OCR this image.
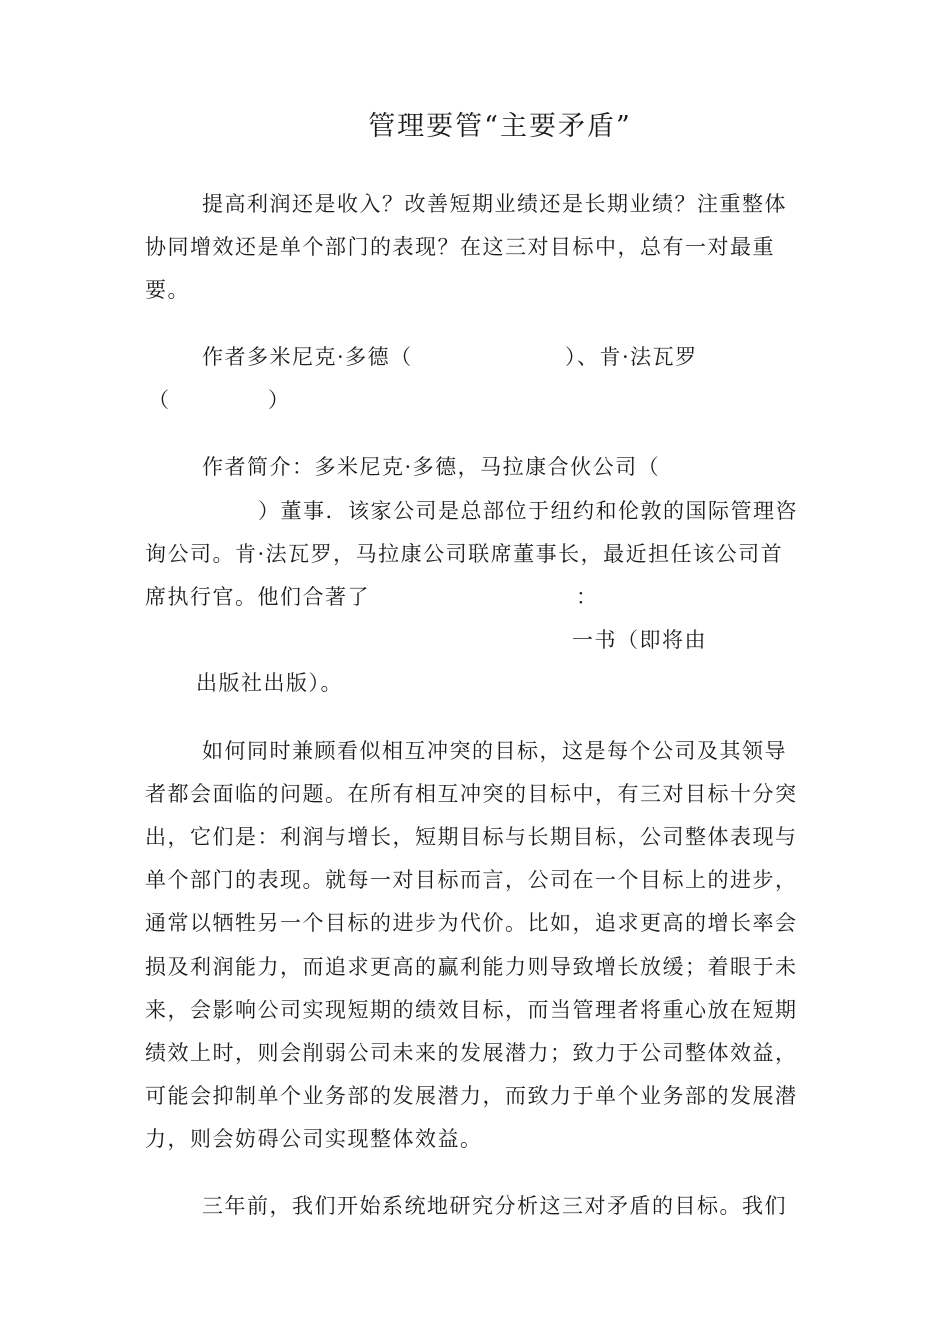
管理要管“主要矛盾”
提高利润还是收入？改善短期业绩还是长期业绩？注重整体
协同增效还是单个部门的表现？在这三对目标中，总有一对最重
要。
作者多米尼克·多德（	）、肯·法瓦罗
（	）
作者简介：多米尼克·多德，马拉康合伙公司（
）董事．该家公司是总部位于纽约和伦敦的国际管理咨
询公司。肯·法瓦罗，马拉康公司联席董事长，最近担任该公司首
席执行官。他们合著了	：
一书（即将由
出版社出版）。
如何同时兼顾看似相互冲突的目标，这是每个公司及其领导
者都会面临的问题。在所有相互冲突的目标中，有三对目标十分突
出，它们是：利润与增长，短期目标与长期目标，公司整体表现与
单个部门的表现。就每一对目标而言，公司在一个目标上的进步，
通常以牺牲另一个目标的进步为代价。比如，追求更高的增长率会
损及利润能力，而追求更高的赢利能力则导致增长放缓；着眼于未
来，会影响公司实现短期的绩效目标，而当管理者将重心放在短期
绩效上时，则会削弱公司未来的发展潜力；致力于公司整体效益，
可能会抑制单个业务部的发展潜力，而致力于单个业务部的发展潜
力，则会妨碍公司实现整体效益。
三年前，我们开始系统地研究分析这三对矛盾的目标。我们
